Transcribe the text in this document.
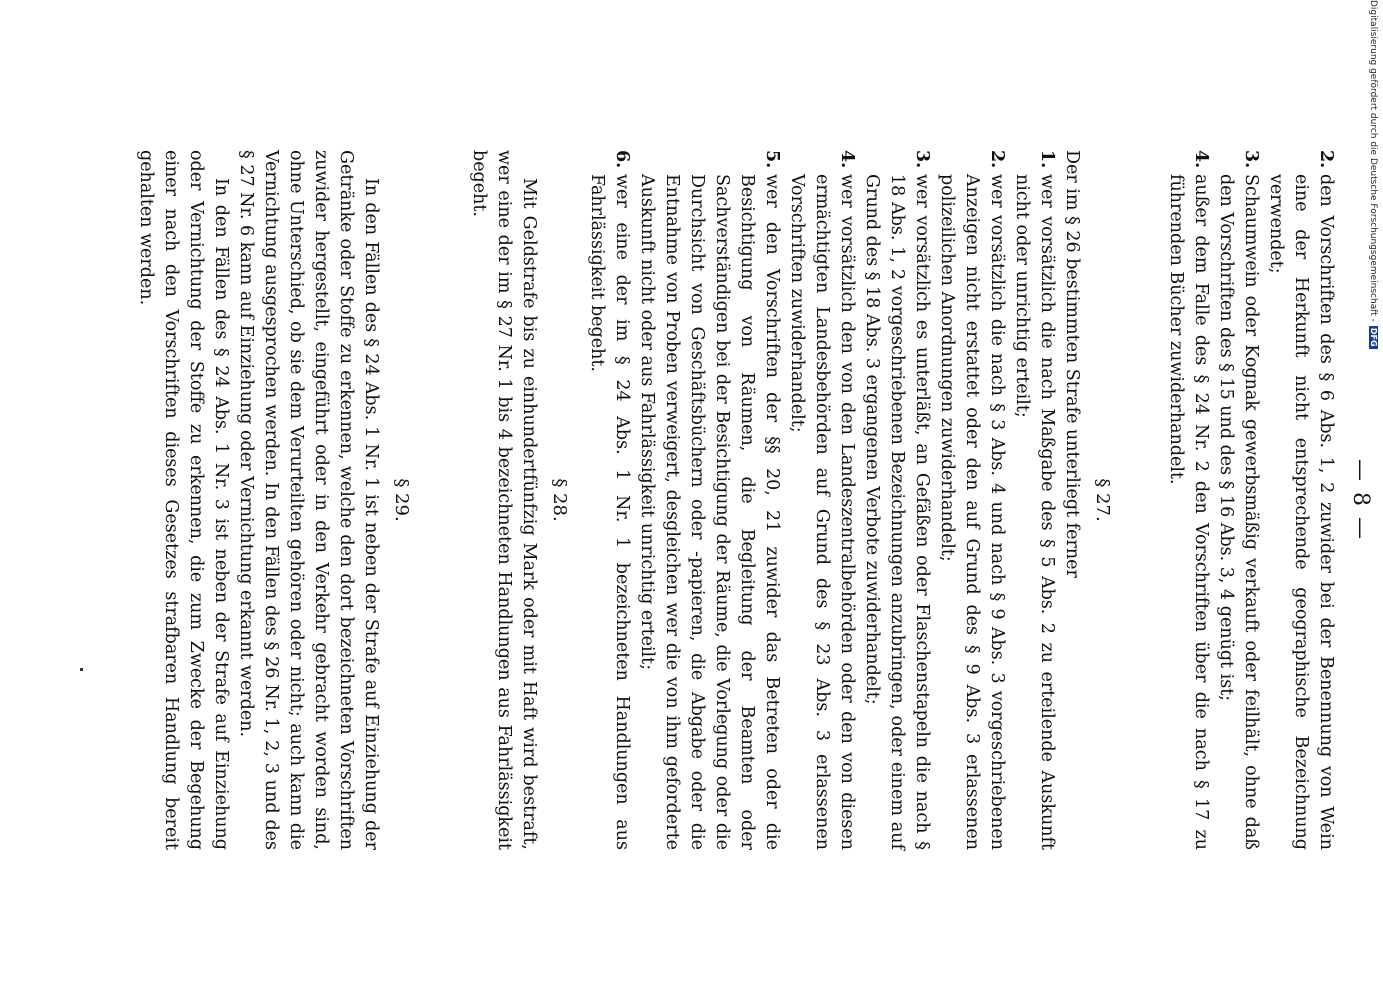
— 8 —
2.
den Vorschriften des § 6 Abs. 1, 2 zuwider bei der Benennung von Wein eine der Herkunft nicht entsprechende geographische Bezeichnung verwendet;
3.
Schaumwein oder Kognak gewerbsmäßig verkauft oder feilhält, ohne daß den Vorschriften des § 15 und des § 16 Abs. 3, 4 genügt ist;
4.
außer dem Falle des § 24 Nr. 2 den Vorschriften über die nach § 17 zu führenden Bücher zuwiderhandelt.
§ 27.
Der im § 26 bestimmten Strafe unterliegt ferner
1.
wer vorsätzlich die nach Maßgabe des § 5 Abs. 2 zu erteilende Auskunft nicht oder unrichtig erteilt;
2.
wer vorsätzlich die nach § 3 Abs. 4 und nach § 9 Abs. 3 vorgeschriebenen Anzeigen nicht erstattet oder den auf Grund des § 9 Abs. 3 erlassenen polizeilichen Anordnungen zuwiderhandelt;
3.
wer vorsätzlich es unterläßt, an Gefäßen oder Flaschenstapeln die nach § 18 Abs. 1, 2 vorgeschriebenen Bezeichnungen anzubringen, oder einem auf Grund des § 18 Abs. 3 ergangenen Verbote zuwiderhandelt;
4.
wer vorsätzlich den von den Landeszentralbehörden oder den von diesen ermächtigten Landesbehörden auf Grund des § 23 Abs. 3 erlassenen Vorschriften zuwiderhandelt;
5.
wer den Vorschriften der §§ 20, 21 zuwider das Betreten oder die Besichtigung von Räumen, die Begleitung der Beamten oder Sachverständigen bei der Besichtigung der Räume, die Vorlegung oder die Durchsicht von Geschäftsbüchern oder -papieren, die Abgabe oder die Entnahme von Proben verweigert, desgleichen wer die von ihm geforderte Auskunft nicht oder aus Fahrlässigkeit unrichtig erteilt;
6.
wer eine der im § 24 Abs. 1 Nr. 1 bezeichneten Handlungen aus Fahrlässigkeit begeht.
§ 28.
Mit Geldstrafe bis zu einhundertfünfzig Mark oder mit Haft wird bestraft, wer eine der im § 27 Nr. 1 bis 4 bezeichneten Handlungen aus Fahrlässigkeit begeht.
§ 29.
In den Fällen des § 24 Abs. 1 Nr. 1 ist neben der Strafe auf Einziehung der Getränke oder Stoffe zu erkennen, welche den dort bezeichneten Vorschriften zuwider hergestellt, eingeführt oder in den Verkehr gebracht worden sind, ohne Unterschied, ob sie dem Verurteilten gehören oder nicht; auch kann die Vernichtung ausgesprochen werden. In den Fällen des § 26 Nr. 1, 2, 3 und des § 27 Nr. 6 kann auf Einziehung oder Vernichtung erkannt werden.
In den Fällen des § 24 Abs. 1 Nr. 3 ist neben der Strafe auf Einziehung oder Vernichtung der Stoffe zu erkennen, die zum Zwecke der Begehung einer nach den Vorschriften dieses Gesetzes strafbaren Handlung bereit gehalten werden.	Digitalisierung gefördert durch die Deutsche Forschungsgemeinschaft -DFG
